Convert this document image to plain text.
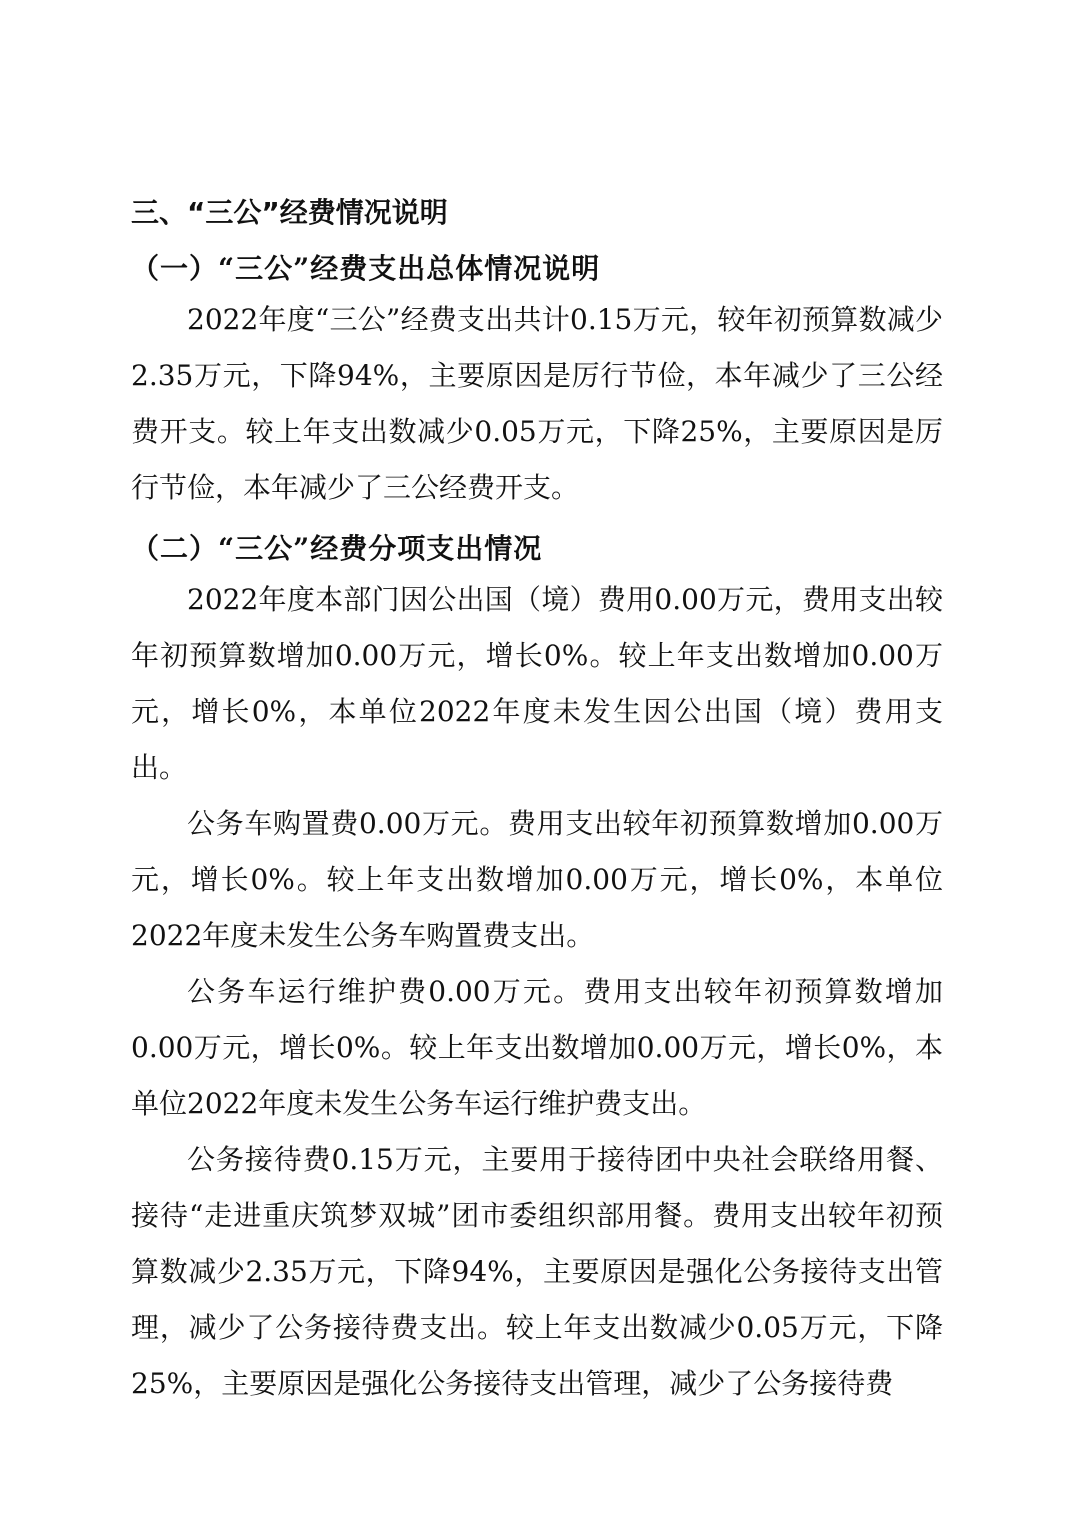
三、“三公”经费情况说明
（一）“三公”经费支出总体情况说明

2022年度“三公”经费支出共计0.15万元，较年初预算数减少2.35万元，下降94%，主要原因是厉行节俭，本年减少了三公经费开支。较上年支出数减少0.05万元，下降25%，主要原因是厉行节俭，本年减少了三公经费开支。

（二）“三公”经费分项支出情况

2022年度本部门因公出国（境）费用0.00万元，费用支出较年初预算数增加0.00万元，增长0%。较上年支出数增加0.00万元，增长0%，本单位2022年度未发生因公出国（境）费用支出。

公务车购置费0.00万元。费用支出较年初预算数增加0.00万元，增长0%。较上年支出数增加0.00万元，增长0%，本单位2022年度未发生公务车购置费支出。

公务车运行维护费0.00万元。费用支出较年初预算数增加0.00万元，增长0%。较上年支出数增加0.00万元，增长0%，本单位2022年度未发生公务车运行维护费支出。

公务接待费0.15万元，主要用于接待团中央社会联络用餐、接待“走进重庆筑梦双城”团市委组织部用餐。费用支出较年初预算数减少2.35万元，下降94%，主要原因是强化公务接待支出管理，减少了公务接待费支出。较上年支出数减少0.05万元，下降25%，主要原因是强化公务接待支出管理，减少了公务接待费
